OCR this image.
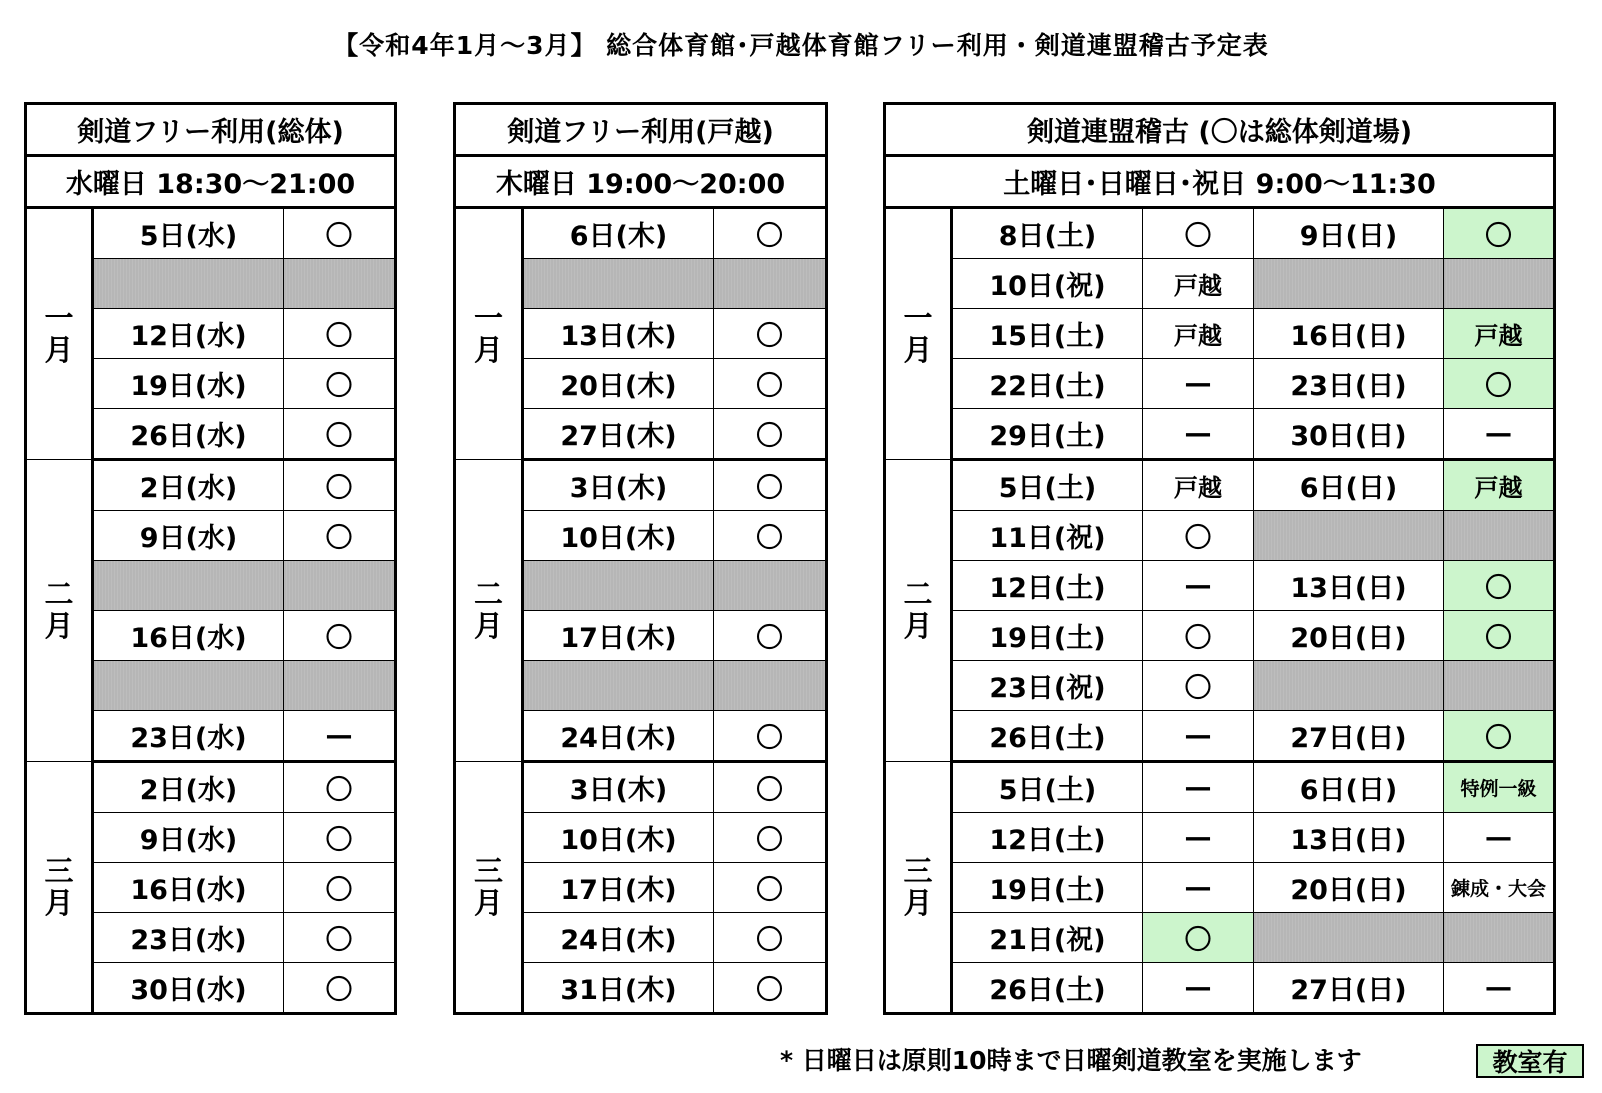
【令和4年1月～3月】 総合体育館･戸越体育館フリー利用・剣道連盟稽古予定表
剣道フリー利用(総体)		
水曜日 18:30～21:00		
一
月	5日(水)	〇

	12日(水)	〇
	19日(水)	〇
	26日(水)	〇
二
月	2日(水)	〇
	9日(水)	〇

	16日(水)	〇

	23日(水)	—
三
月	2日(水)	〇
	9日(水)	〇
	16日(水)	〇
	23日(水)	〇
	30日(水)	〇
剣道フリー利用(戸越)		
木曜日 19:00～20:00		
一
月	6日(木)	〇

	13日(木)	〇
	20日(木)	〇
	27日(木)	〇
二
月	3日(木)	〇
	10日(木)	〇

	17日(木)	〇

	24日(木)	〇
三
月	3日(木)	〇
	10日(木)	〇
	17日(木)	〇
	24日(木)	〇
	31日(木)	〇
剣道連盟稽古 (〇は総体剣道場)				
土曜日･日曜日･祝日 9:00～11:30				
一
月	8日(土)	〇	9日(日)	〇
	10日(祝)	戸越		
	15日(土)	戸越	16日(日)	戸越
	22日(土)	—	23日(日)	〇
	29日(土)	—	30日(日)	—
二
月	5日(土)	戸越	6日(日)	戸越
	11日(祝)	〇		
	12日(土)	—	13日(日)	〇
	19日(土)	〇	20日(日)	〇
	23日(祝)	〇		
	26日(土)	—	27日(日)	〇
三
月	5日(土)	—	6日(日)	特例一級
	12日(土)	—	13日(日)	—
	19日(土)	—	20日(日)	錬成・大会
	21日(祝)	〇		
	26日(土)	—	27日(日)	—
* 日曜日は原則10時まで日曜剣道教室を実施します	教室有
